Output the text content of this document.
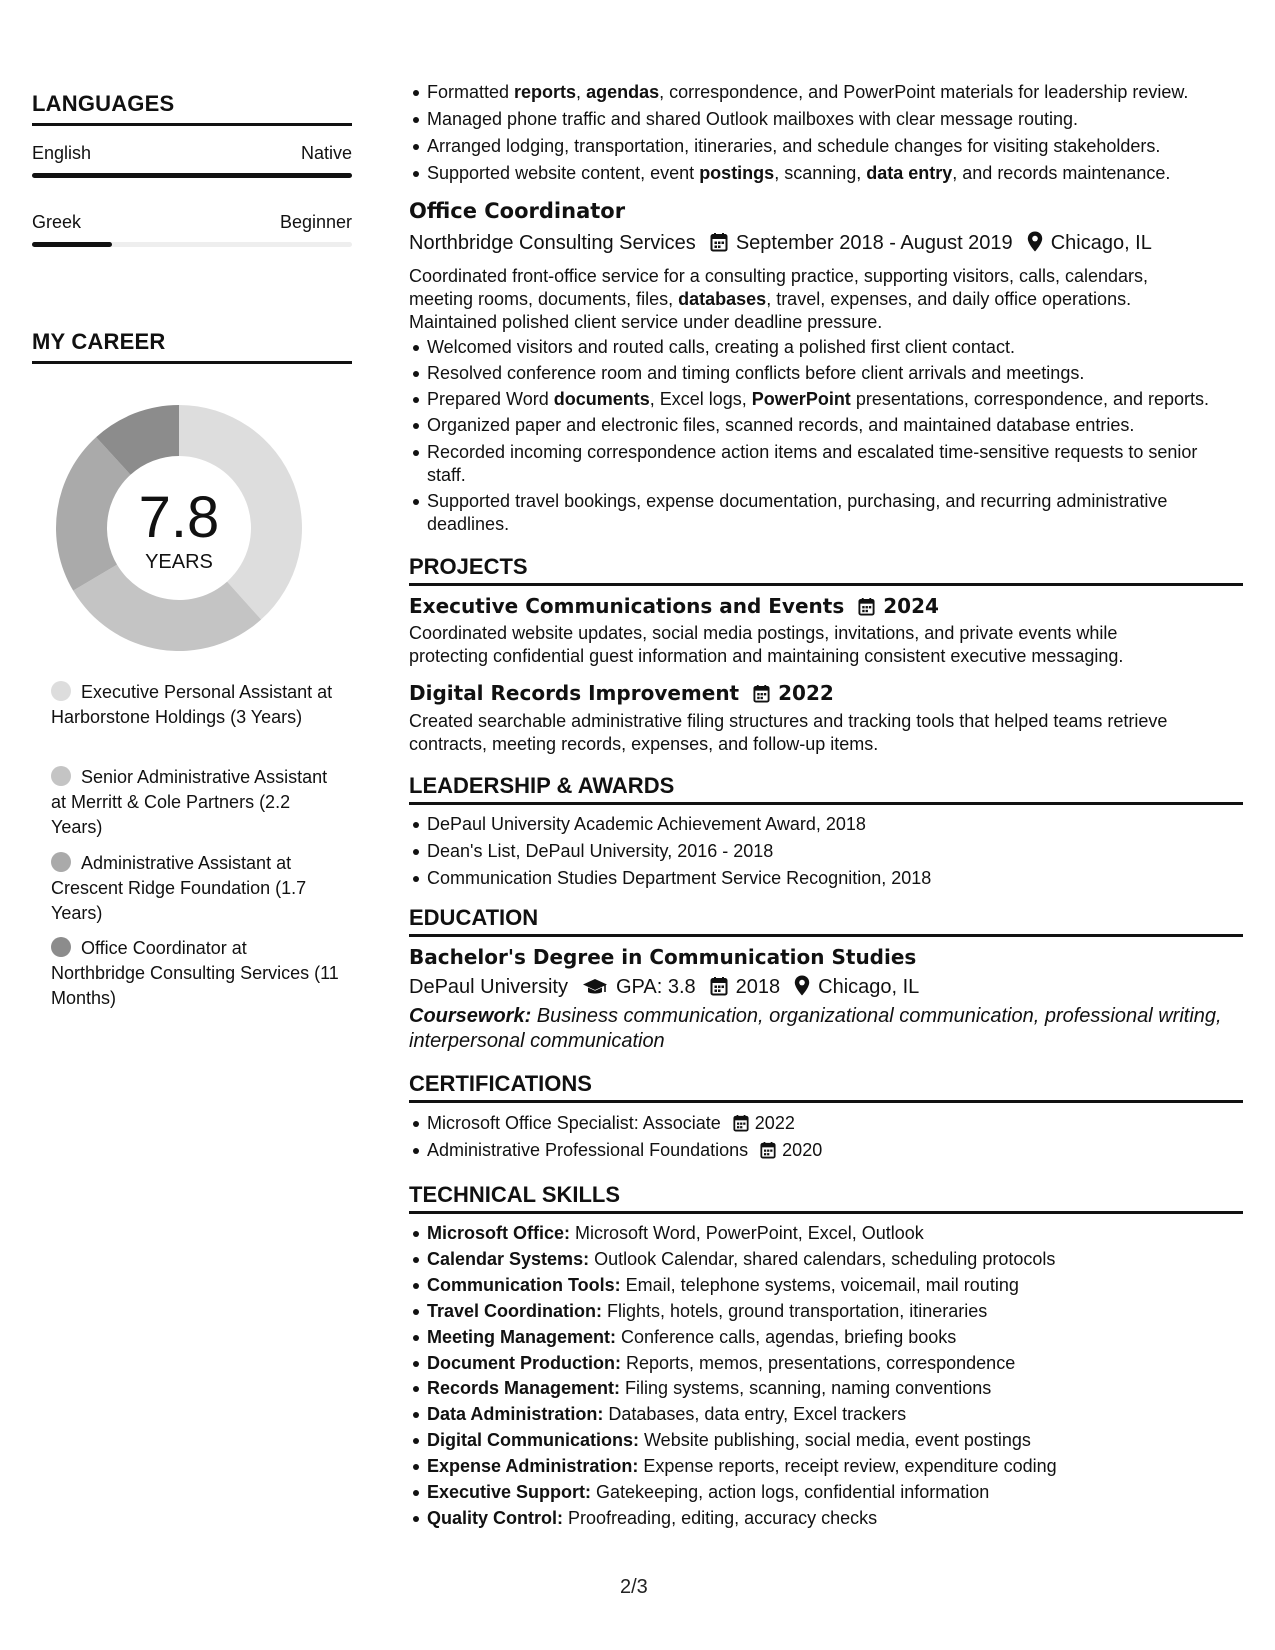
LANGUAGES
English	Native
Greek	Beginner
MY CAREER
7.8
YEARS
Executive Personal Assistant at Harborstone Holdings (3 Years)
Senior Administrative Assistant at Merritt & Cole Partners (2.2 Years)
Administrative Assistant at Crescent Ridge Foundation (1.7 Years)
Office Coordinator at Northbridge Consulting Services (11 Months)
Formatted reports, agendas, correspondence, and PowerPoint materials for leadership review.
Managed phone traffic and shared Outlook mailboxes with clear message routing.
Arranged lodging, transportation, itineraries, and schedule changes for visiting stakeholders.
Supported website content, event postings, scanning, data entry, and records maintenance.
Office Coordinator
Northbridge Consulting Services September 2018 - August 2019 Chicago, IL
Coordinated front-office service for a consulting practice, supporting visitors, calls, calendars,
meeting rooms, documents, files, databases, travel, expenses, and daily office operations.
Maintained polished client service under deadline pressure.
Welcomed visitors and routed calls, creating a polished first client contact.
Resolved conference room and timing conflicts before client arrivals and meetings.
Prepared Word documents, Excel logs, PowerPoint presentations, correspondence, and reports.
Organized paper and electronic files, scanned records, and maintained database entries.
Recorded incoming correspondence action items and escalated time-sensitive requests to senior
staff.
Supported travel bookings, expense documentation, purchasing, and recurring administrative
deadlines.
PROJECTS
Executive Communications and Events 2024
Coordinated website updates, social media postings, invitations, and private events while
protecting confidential guest information and maintaining consistent executive messaging.
Digital Records Improvement 2022
Created searchable administrative filing structures and tracking tools that helped teams retrieve
contracts, meeting records, expenses, and follow-up items.
LEADERSHIP & AWARDS
DePaul University Academic Achievement Award, 2018
Dean's List, DePaul University, 2016 - 2018
Communication Studies Department Service Recognition, 2018
EDUCATION
Bachelor's Degree in Communication Studies
DePaul University GPA: 3.8 2018 Chicago, IL
Coursework: Business communication, organizational communication, professional writing, interpersonal communication
CERTIFICATIONS
Microsoft Office Specialist: Associate 2022
Administrative Professional Foundations 2020
TECHNICAL SKILLS
Microsoft Office: Microsoft Word, PowerPoint, Excel, Outlook
Calendar Systems: Outlook Calendar, shared calendars, scheduling protocols
Communication Tools: Email, telephone systems, voicemail, mail routing
Travel Coordination: Flights, hotels, ground transportation, itineraries
Meeting Management: Conference calls, agendas, briefing books
Document Production: Reports, memos, presentations, correspondence
Records Management: Filing systems, scanning, naming conventions
Data Administration: Databases, data entry, Excel trackers
Digital Communications: Website publishing, social media, event postings
Expense Administration: Expense reports, receipt review, expenditure coding
Executive Support: Gatekeeping, action logs, confidential information
Quality Control: Proofreading, editing, accuracy checks
2/3
